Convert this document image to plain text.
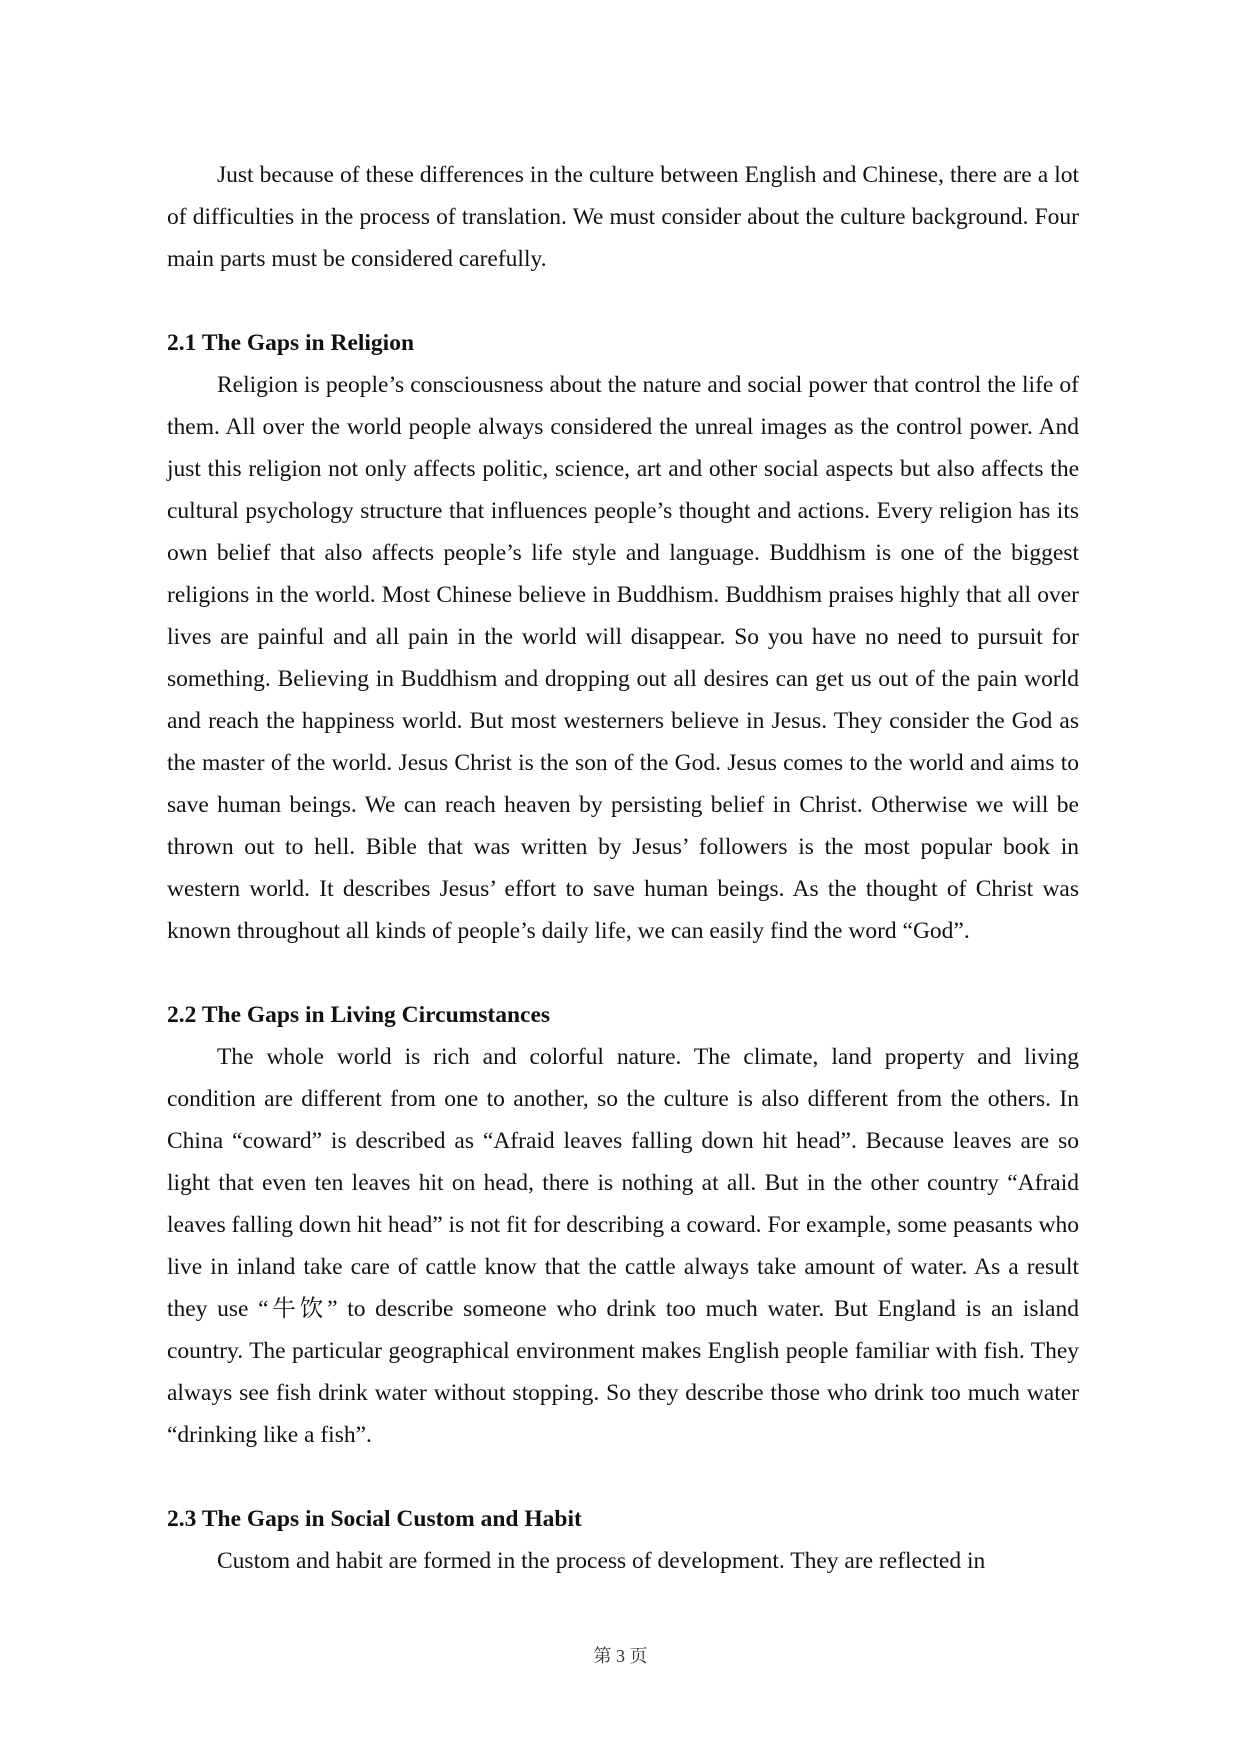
Just because of these differences in the culture between English and Chinese, there are a lot of difficulties in the process of translation. We must consider about the culture background. Four main parts must be considered carefully.

2.1 The Gaps in Religion

Religion is people’s consciousness about the nature and social power that control the life of them. All over the world people always considered the unreal images as the control power. And just this religion not only affects politic, science, art and other social aspects but also affects the cultural psychology structure that influences people’s thought and actions. Every religion has its own belief that also affects people’s life style and language. Buddhism is one of the biggest religions in the world. Most Chinese believe in Buddhism. Buddhism praises highly that all over lives are painful and all pain in the world will disappear. So you have no need to pursuit for something. Believing in Buddhism and dropping out all desires can get us out of the pain world and reach the happiness world. But most westerners believe in Jesus. They consider the God as the master of the world. Jesus Christ is the son of the God. Jesus comes to the world and aims to save human beings. We can reach heaven by persisting belief in Christ. Otherwise we will be thrown out to hell. Bible that was written by Jesus’ followers is the most popular book in western world. It describes Jesus’ effort to save human beings. As the thought of Christ was known throughout all kinds of people’s daily life, we can easily find the word “God”.

2.2 The Gaps in Living Circumstances

The whole world is rich and colorful nature. The climate, land property and living condition are different from one to another, so the culture is also different from the others. In China “coward” is described as “Afraid leaves falling down hit head”. Because leaves are so light that even ten leaves hit on head, there is nothing at all. But in the other country “Afraid leaves falling down hit head” is not fit for describing a coward. For example, some peasants who live in inland take care of cattle know that the cattle always take amount of water. As a result they use “牛饮” to describe someone who drink too much water. But England is an island country. The particular geographical environment makes English people familiar with fish. They always see fish drink water without stopping. So they describe those who drink too much water “drinking like a fish”.

2.3 The Gaps in Social Custom and Habit

Custom and habit are formed in the process of development. They are reflected in

第 3 页
